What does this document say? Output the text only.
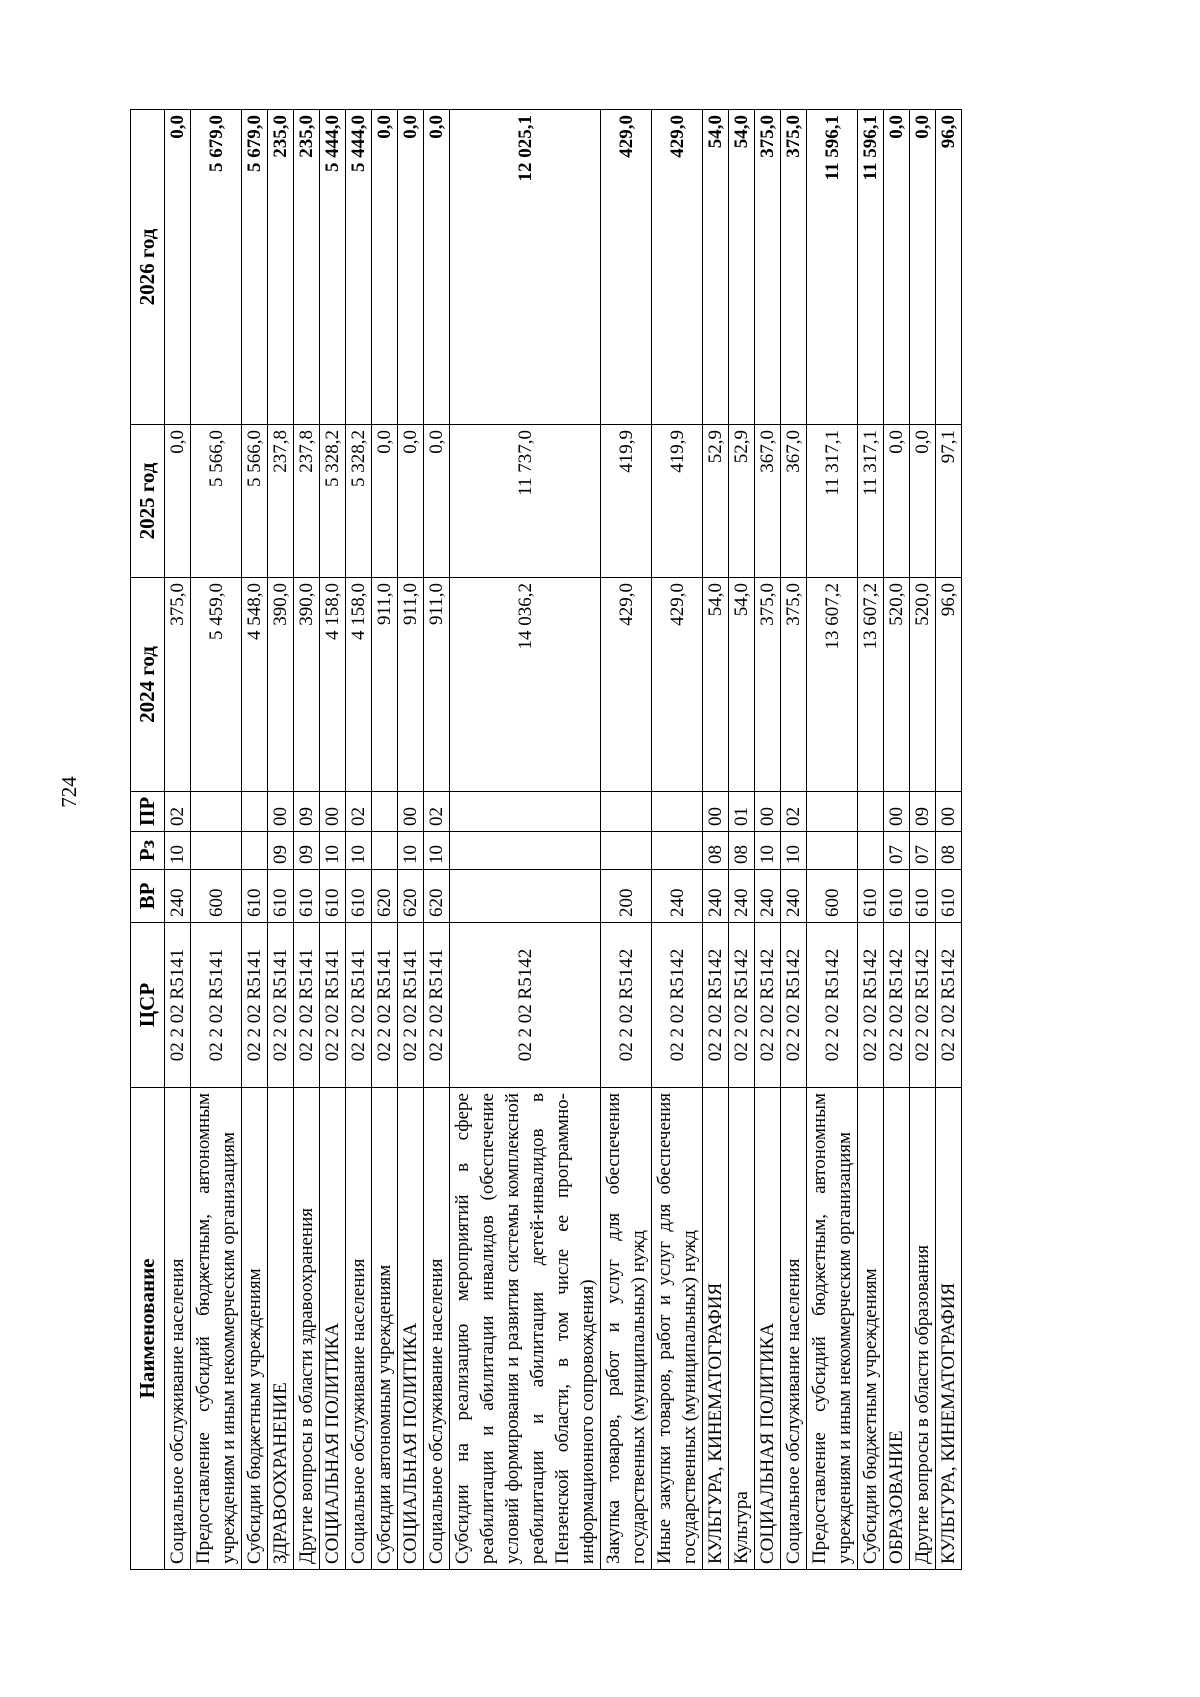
724
Наименование	ЦСР	ВР	Рз	ПР	2024 год	2025 год	2026 год
Социальное обслуживание населения	02 2 02 R5141	240	10	02	375,0	0,0	0,0
Предоставление субсидий бюджетным, автономным учреждениям и иным некоммерческим организациям	02 2 02 R5141	600			5 459,0	5 566,0	5 679,0
Субсидии бюджетным учреждениям	02 2 02 R5141	610			4 548,0	5 566,0	5 679,0
ЗДРАВООХРАНЕНИЕ	02 2 02 R5141	610	09	00	390,0	237,8	235,0
Другие вопросы в области здравоохранения	02 2 02 R5141	610	09	09	390,0	237,8	235,0
СОЦИАЛЬНАЯ ПОЛИТИКА	02 2 02 R5141	610	10	00	4 158,0	5 328,2	5 444,0
Социальное обслуживание населения	02 2 02 R5141	610	10	02	4 158,0	5 328,2	5 444,0
Субсидии автономным учреждениям	02 2 02 R5141	620			911,0	0,0	0,0
СОЦИАЛЬНАЯ ПОЛИТИКА	02 2 02 R5141	620	10	00	911,0	0,0	0,0
Социальное обслуживание населения	02 2 02 R5141	620	10	02	911,0	0,0	0,0
Субсидии на реализацию мероприятий в сфере реабилитации и абилитации инвалидов (обеспечение условий формирования и развития системы комплексной реабилитации и абилитации детей-инвалидов в Пензенской области, в том числе ее программно-информационного сопровождения)	02 2 02 R5142				14 036,2	11 737,0	12 025,1
Закупка товаров, работ и услуг для обеспечения государственных (муниципальных) нужд	02 2 02 R5142	200			429,0	419,9	429,0
Иные закупки товаров, работ и услуг для обеспечения государственных (муниципальных) нужд	02 2 02 R5142	240			429,0	419,9	429,0
КУЛЬТУРА, КИНЕМАТОГРАФИЯ	02 2 02 R5142	240	08	00	54,0	52,9	54,0
Культура	02 2 02 R5142	240	08	01	54,0	52,9	54,0
СОЦИАЛЬНАЯ ПОЛИТИКА	02 2 02 R5142	240	10	00	375,0	367,0	375,0
Социальное обслуживание населения	02 2 02 R5142	240	10	02	375,0	367,0	375,0
Предоставление субсидий бюджетным, автономным учреждениям и иным некоммерческим организациям	02 2 02 R5142	600			13 607,2	11 317,1	11 596,1
Субсидии бюджетным учреждениям	02 2 02 R5142	610			13 607,2	11 317,1	11 596,1
ОБРАЗОВАНИЕ	02 2 02 R5142	610	07	00	520,0	0,0	0,0
Другие вопросы в области образования	02 2 02 R5142	610	07	09	520,0	0,0	0,0
КУЛЬТУРА, КИНЕМАТОГРАФИЯ	02 2 02 R5142	610	08	00	96,0	97,1	96,0
